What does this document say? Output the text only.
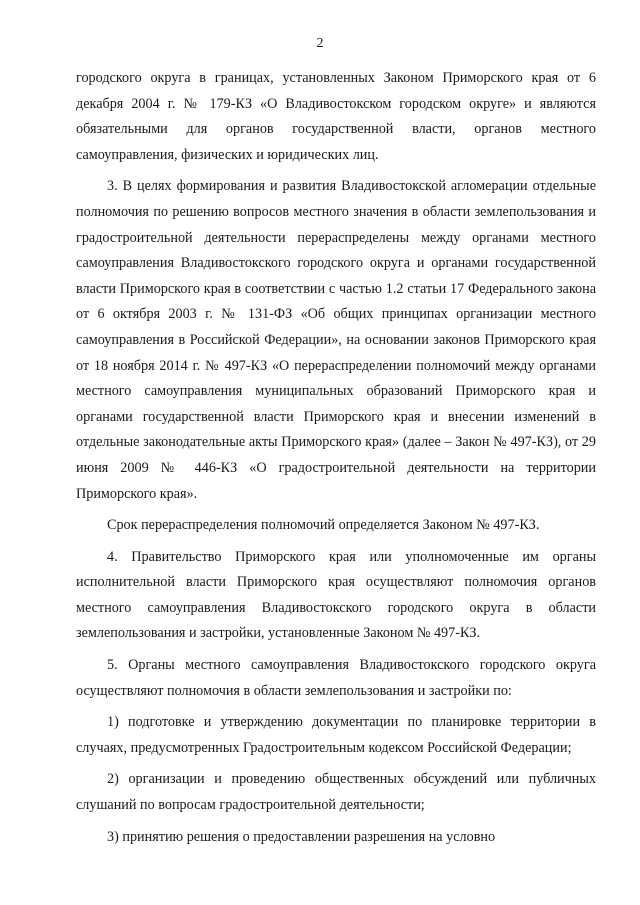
2

городского округа в границах, установленных Законом Приморского края от 6 декабря 2004 г. № 179-КЗ «О Владивостокском городском округе» и являются обязательными для органов государственной власти, органов местного самоуправления, физических и юридических лиц.

3. В целях формирования и развития Владивостокской агломерации отдельные полномочия по решению вопросов местного значения в области землепользования и градостроительной деятельности перераспределены между органами местного самоуправления Владивостокского городского округа и органами государственной власти Приморского края в соответствии с частью 1.2 статьи 17 Федерального закона от 6 октября 2003 г. № 131-ФЗ «Об общих принципах организации местного самоуправления в Российской Федерации», на основании законов Приморского края от 18 ноября 2014 г. № 497-КЗ «О перераспределении полномочий между органами местного самоуправления муниципальных образований Приморского края и органами государственной власти Приморского края и внесении изменений в отдельные законодательные акты Приморского края» (далее – Закон № 497-КЗ), от 29 июня 2009 № 446-КЗ «О градостроительной деятельности на территории Приморского края».

Срок перераспределения полномочий определяется Законом № 497-КЗ.

4. Правительство Приморского края или уполномоченные им органы исполнительной власти Приморского края осуществляют полномочия органов местного самоуправления Владивостокского городского округа в области землепользования и застройки, установленные Законом № 497-КЗ.

5. Органы местного самоуправления Владивостокского городского округа осуществляют полномочия в области землепользования и застройки по:

1) подготовке и утверждению документации по планировке территории в случаях, предусмотренных Градостроительным кодексом Российской Федерации;

2) организации и проведению общественных обсуждений или публичных слушаний по вопросам градостроительной деятельности;

3) принятию решения о предоставлении разрешения на условно
